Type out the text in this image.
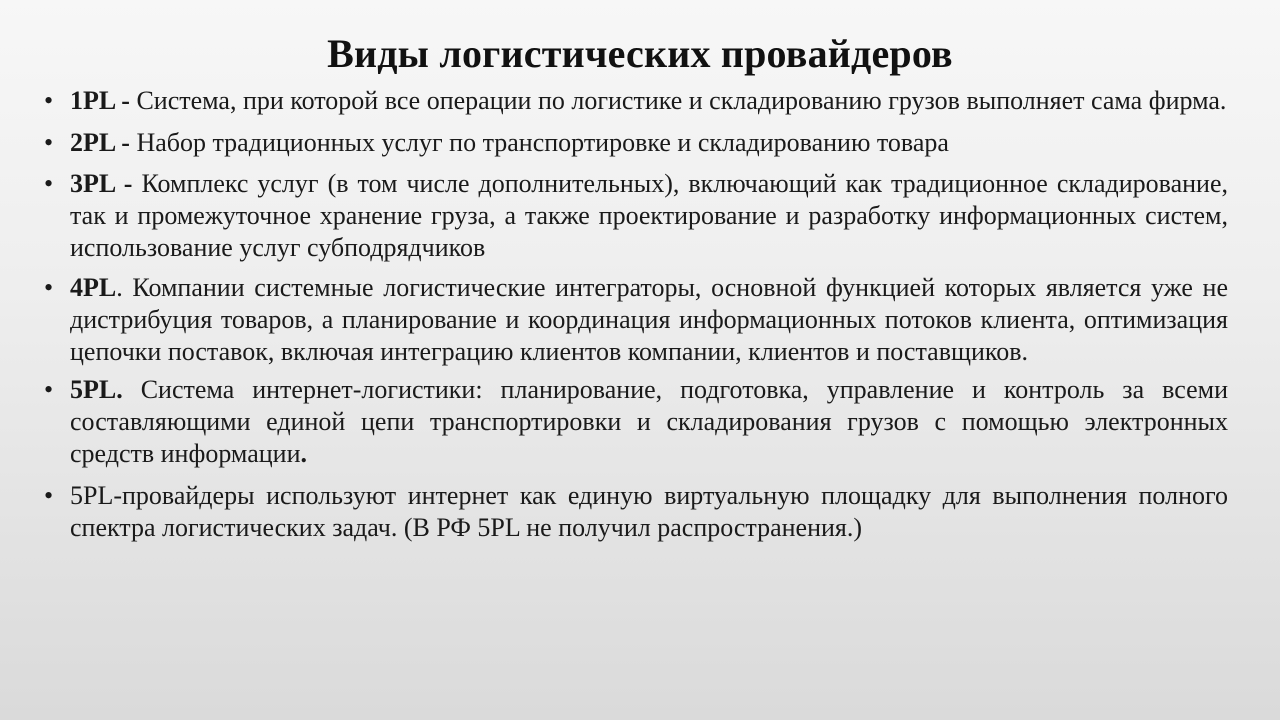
Виды логистических провайдеров
• 1PL - Система, при которой все операции по логистике и складированию грузов выполняет сама фирма.
• 2PL - Набор традиционных услуг по транспортировке и складированию товара
• 3PL - Комплекс услуг (в том числе дополнительных), включающий как традиционное складирование, так и промежуточное хранение груза, а также проектирование и разработку информационных систем, использование услуг субподрядчиков
• 4PL. Компании системные логистические интеграторы, основной функцией которых является уже не дистрибуция товаров, а планирование и координация информационных потоков клиента, оптимизация цепочки поставок, включая интеграцию клиентов компании, клиентов и поставщиков.
• 5PL. Система интернет-логистики: планирование, подготовка, управление и контроль за всеми составляющими единой цепи транспортировки и складирования грузов с помощью электронных средств информации.
• 5PL-провайдеры используют интернет как единую виртуальную площадку для выполнения полного спектра логистических задач. (В РФ 5PL не получил распространения.)
